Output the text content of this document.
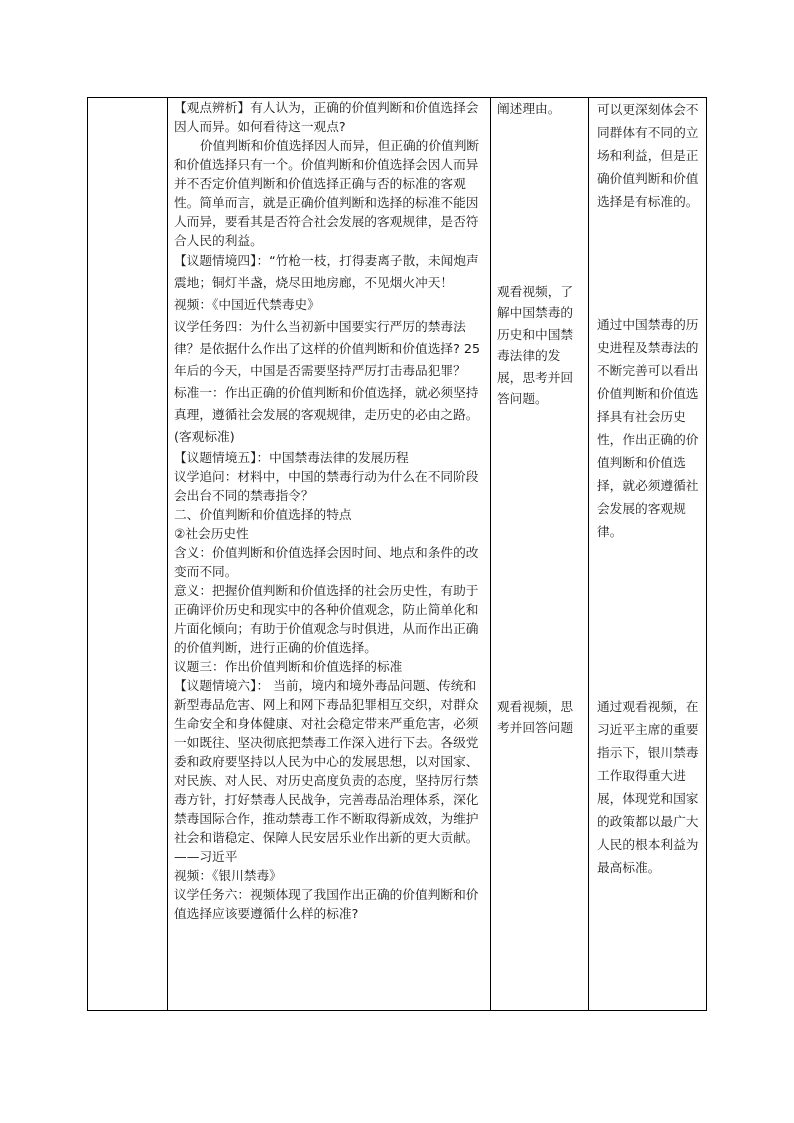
【观点辨析】有人认为，正确的价值判断和价值选择会因人而异。如何看待这一观点?

价值判断和价值选择因人而异，但正确的价值判断和价值选择只有一个。价值判断和价值选择会因人而异并不否定价值判断和价值选择正确与否的标准的客观性。简单而言，就是正确价值判断和选择的标准不能因人而异，要看其是否符合社会发展的客观规律，是否符合人民的利益。

【议题情境四】：“竹枪一枝，打得妻离子散，未闻炮声震地；铜灯半盏，烧尽田地房廊，不见烟火冲天！

视频：《中国近代禁毒史》

议学任务四：为什么当初新中国要实行严厉的禁毒法律？是依据什么作出了这样的价值判断和价值选择? 25年后的今天，中国是否需要坚持严厉打击毒品犯罪？

标准一：作出正确的价值判断和价值选择，就必须坚持真理，遵循社会发展的客观规律，走历史的必由之路。(客观标准)

【议题情境五】：中国禁毒法律的发展历程

议学追问：材料中，中国的禁毒行动为什么在不同阶段会出台不同的禁毒指令？

二、价值判断和价值选择的特点

②社会历史性

含义：价值判断和价值选择会因时间、地点和条件的改变而不同。

意义：把握价值判断和价值选择的社会历史性，有助于正确评价历史和现实中的各种价值观念，防止简单化和片面化倾向；有助于价值观念与时俱进，从而作出正确的价值判断，进行正确的价值选择。

议题三：作出价值判断和价值选择的标准

【议题情境六】： 当前，境内和境外毒品问题、传统和新型毒品危害、网上和网下毒品犯罪相互交织，对群众生命安全和身体健康、对社会稳定带来严重危害，必须一如既往、坚决彻底把禁毒工作深入进行下去。各级党委和政府要坚持以人民为中心的发展思想，以对国家、对民族、对人民、对历史高度负责的态度，坚持厉行禁毒方针，打好禁毒人民战争，完善毒品治理体系，深化禁毒国际合作，推动禁毒工作不断取得新成效，为维护社会和谐稳定、保障人民安居乐业作出新的更大贡献。

——习近平

视频：《银川禁毒》

议学任务六：视频体现了我国作出正确的价值判断和价值选择应该要遵循什么样的标准?

阐述理由。

观看视频，了解中国禁毒的历史和中国禁毒法律的发展，思考并回答问题。

观看视频，思考并回答问题

可以更深刻体会不同群体有不同的立场和利益，但是正确价值判断和价值选择是有标准的。

通过中国禁毒的历史进程及禁毒法的不断完善可以看出价值判断和价值选择具有社会历史性，作出正确的价值判断和价值选择，就必须遵循社会发展的客观规律。

通过观看视频，在习近平主席的重要指示下，银川禁毒工作取得重大进展，体现党和国家的政策都以最广大人民的根本利益为最高标准。
